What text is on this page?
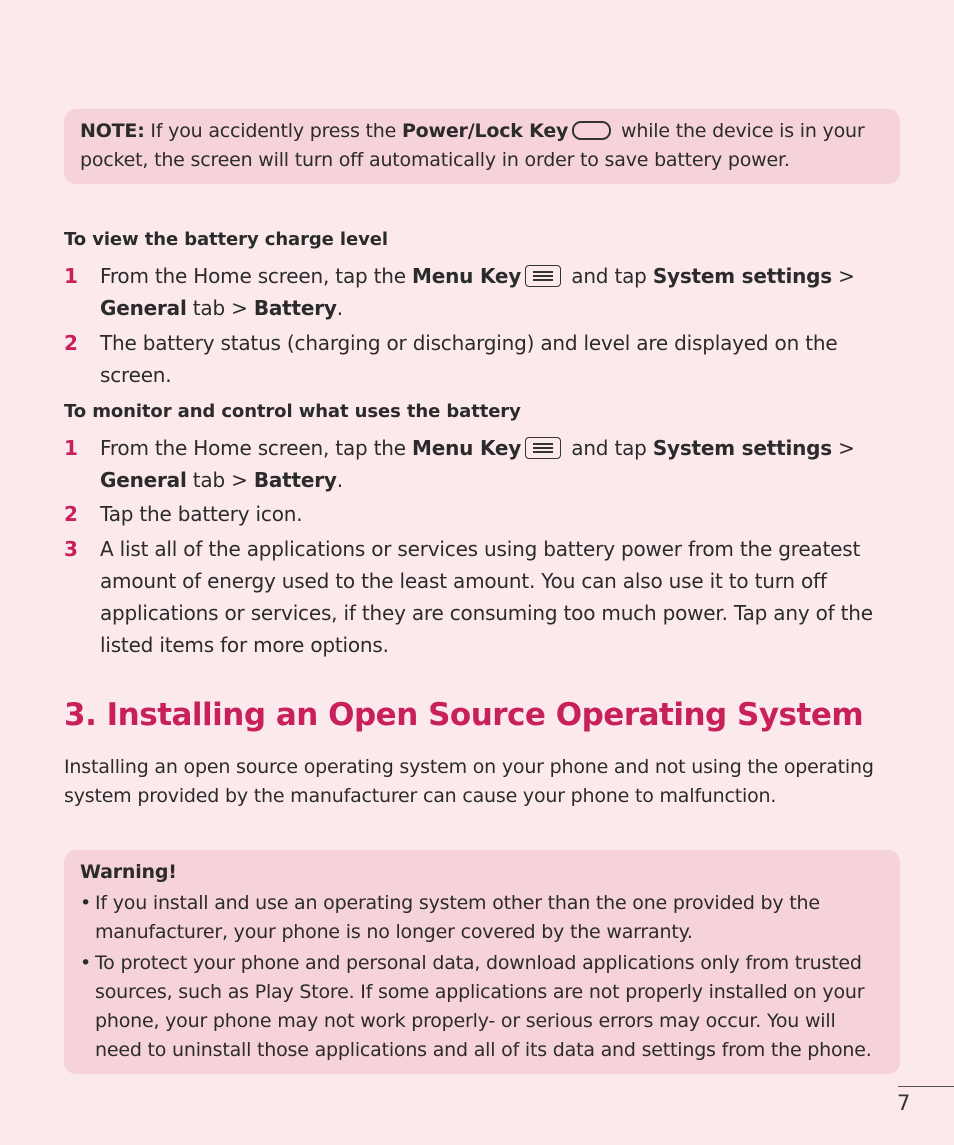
NOTE: If you accidently press the Power/Lock Key while the device is in your pocket, the screen will turn off automatically in order to save battery power.
To view the battery charge level
1 From the Home screen, tap the Menu Key
and tap System settings >
General tab > Battery.
2 The battery status (charging or discharging) and level are displayed on the screen.
To monitor and control what uses the battery
1 From the Home screen, tap the Menu Key
and tap System settings >
General tab > Battery.
2 Tap the battery icon.
3 A list all of the applications or services using battery power from the greatest amount of energy used to the least amount. You can also use it to turn off applications or services, if they are consuming too much power. Tap any of the listed items for more options.
3. Installing an Open Source Operating System
Installing an open source operating system on your phone and not using the operating system provided by the manufacturer can cause your phone to malfunction.
Warning!
• If you install and use an operating system other than the one provided by the manufacturer, your phone is no longer covered by the warranty.
• To protect your phone and personal data, download applications only from trusted sources, such as Play Store. If some applications are not properly installed on your phone, your phone may not work properly- or serious errors may occur. You will need to uninstall those applications and all of its data and settings from the phone.
7
